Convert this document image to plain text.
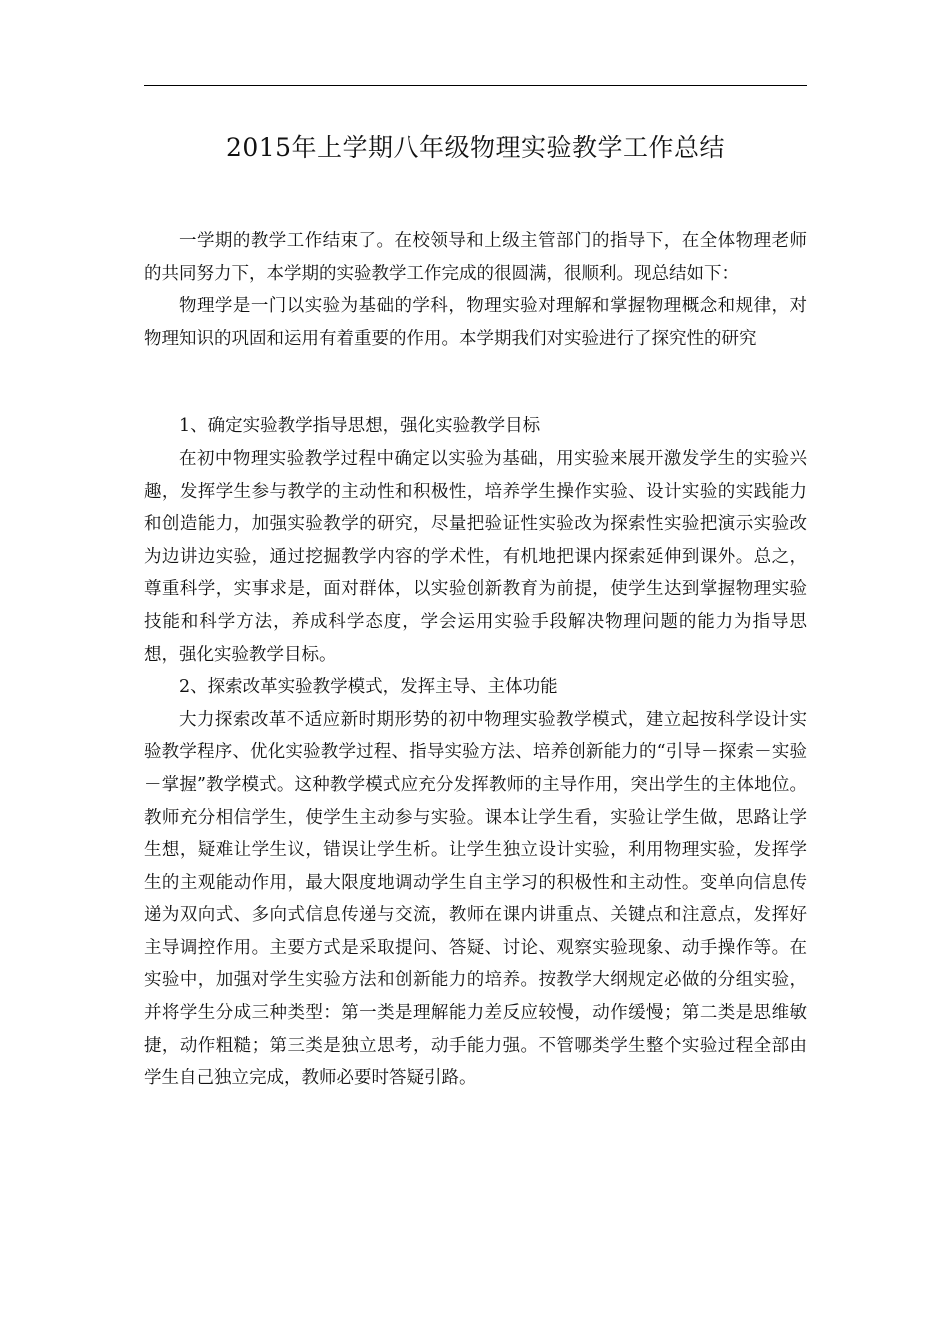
2015年上学期八年级物理实验教学工作总结

一学期的教学工作结束了。在校领导和上级主管部门的指导下，在全体物理老师的共同努力下，本学期的实验教学工作完成的很圆满，很顺利。现总结如下：

物理学是一门以实验为基础的学科，物理实验对理解和掌握物理概念和规律，对物理知识的巩固和运用有着重要的作用。本学期我们对实验进行了探究性的研究

1、确定实验教学指导思想，强化实验教学目标

在初中物理实验教学过程中确定以实验为基础，用实验来展开激发学生的实验兴趣，发挥学生参与教学的主动性和积极性，培养学生操作实验、设计实验的实践能力和创造能力，加强实验教学的研究，尽量把验证性实验改为探索性实验把演示实验改为边讲边实验，通过挖掘教学内容的学术性，有机地把课内探索延伸到课外。总之，尊重科学，实事求是，面对群体，以实验创新教育为前提，使学生达到掌握物理实验技能和科学方法，养成科学态度，学会运用实验手段解决物理问题的能力为指导思想，强化实验教学目标。

2、探索改革实验教学模式，发挥主导、主体功能

大力探索改革不适应新时期形势的初中物理实验教学模式，建立起按科学设计实验教学程序、优化实验教学过程、指导实验方法、培养创新能力的“引导－探索－实验－掌握”教学模式。这种教学模式应充分发挥教师的主导作用，突出学生的主体地位。教师充分相信学生，使学生主动参与实验。课本让学生看，实验让学生做，思路让学生想，疑难让学生议，错误让学生析。让学生独立设计实验，利用物理实验，发挥学生的主观能动作用，最大限度地调动学生自主学习的积极性和主动性。变单向信息传递为双向式、多向式信息传递与交流，教师在课内讲重点、关键点和注意点，发挥好主导调控作用。主要方式是采取提问、答疑、讨论、观察实验现象、动手操作等。在实验中，加强对学生实验方法和创新能力的培养。按教学大纲规定必做的分组实验，并将学生分成三种类型：第一类是理解能力差反应较慢，动作缓慢；第二类是思维敏捷，动作粗糙；第三类是独立思考，动手能力强。不管哪类学生整个实验过程全部由学生自己独立完成，教师必要时答疑引路。
